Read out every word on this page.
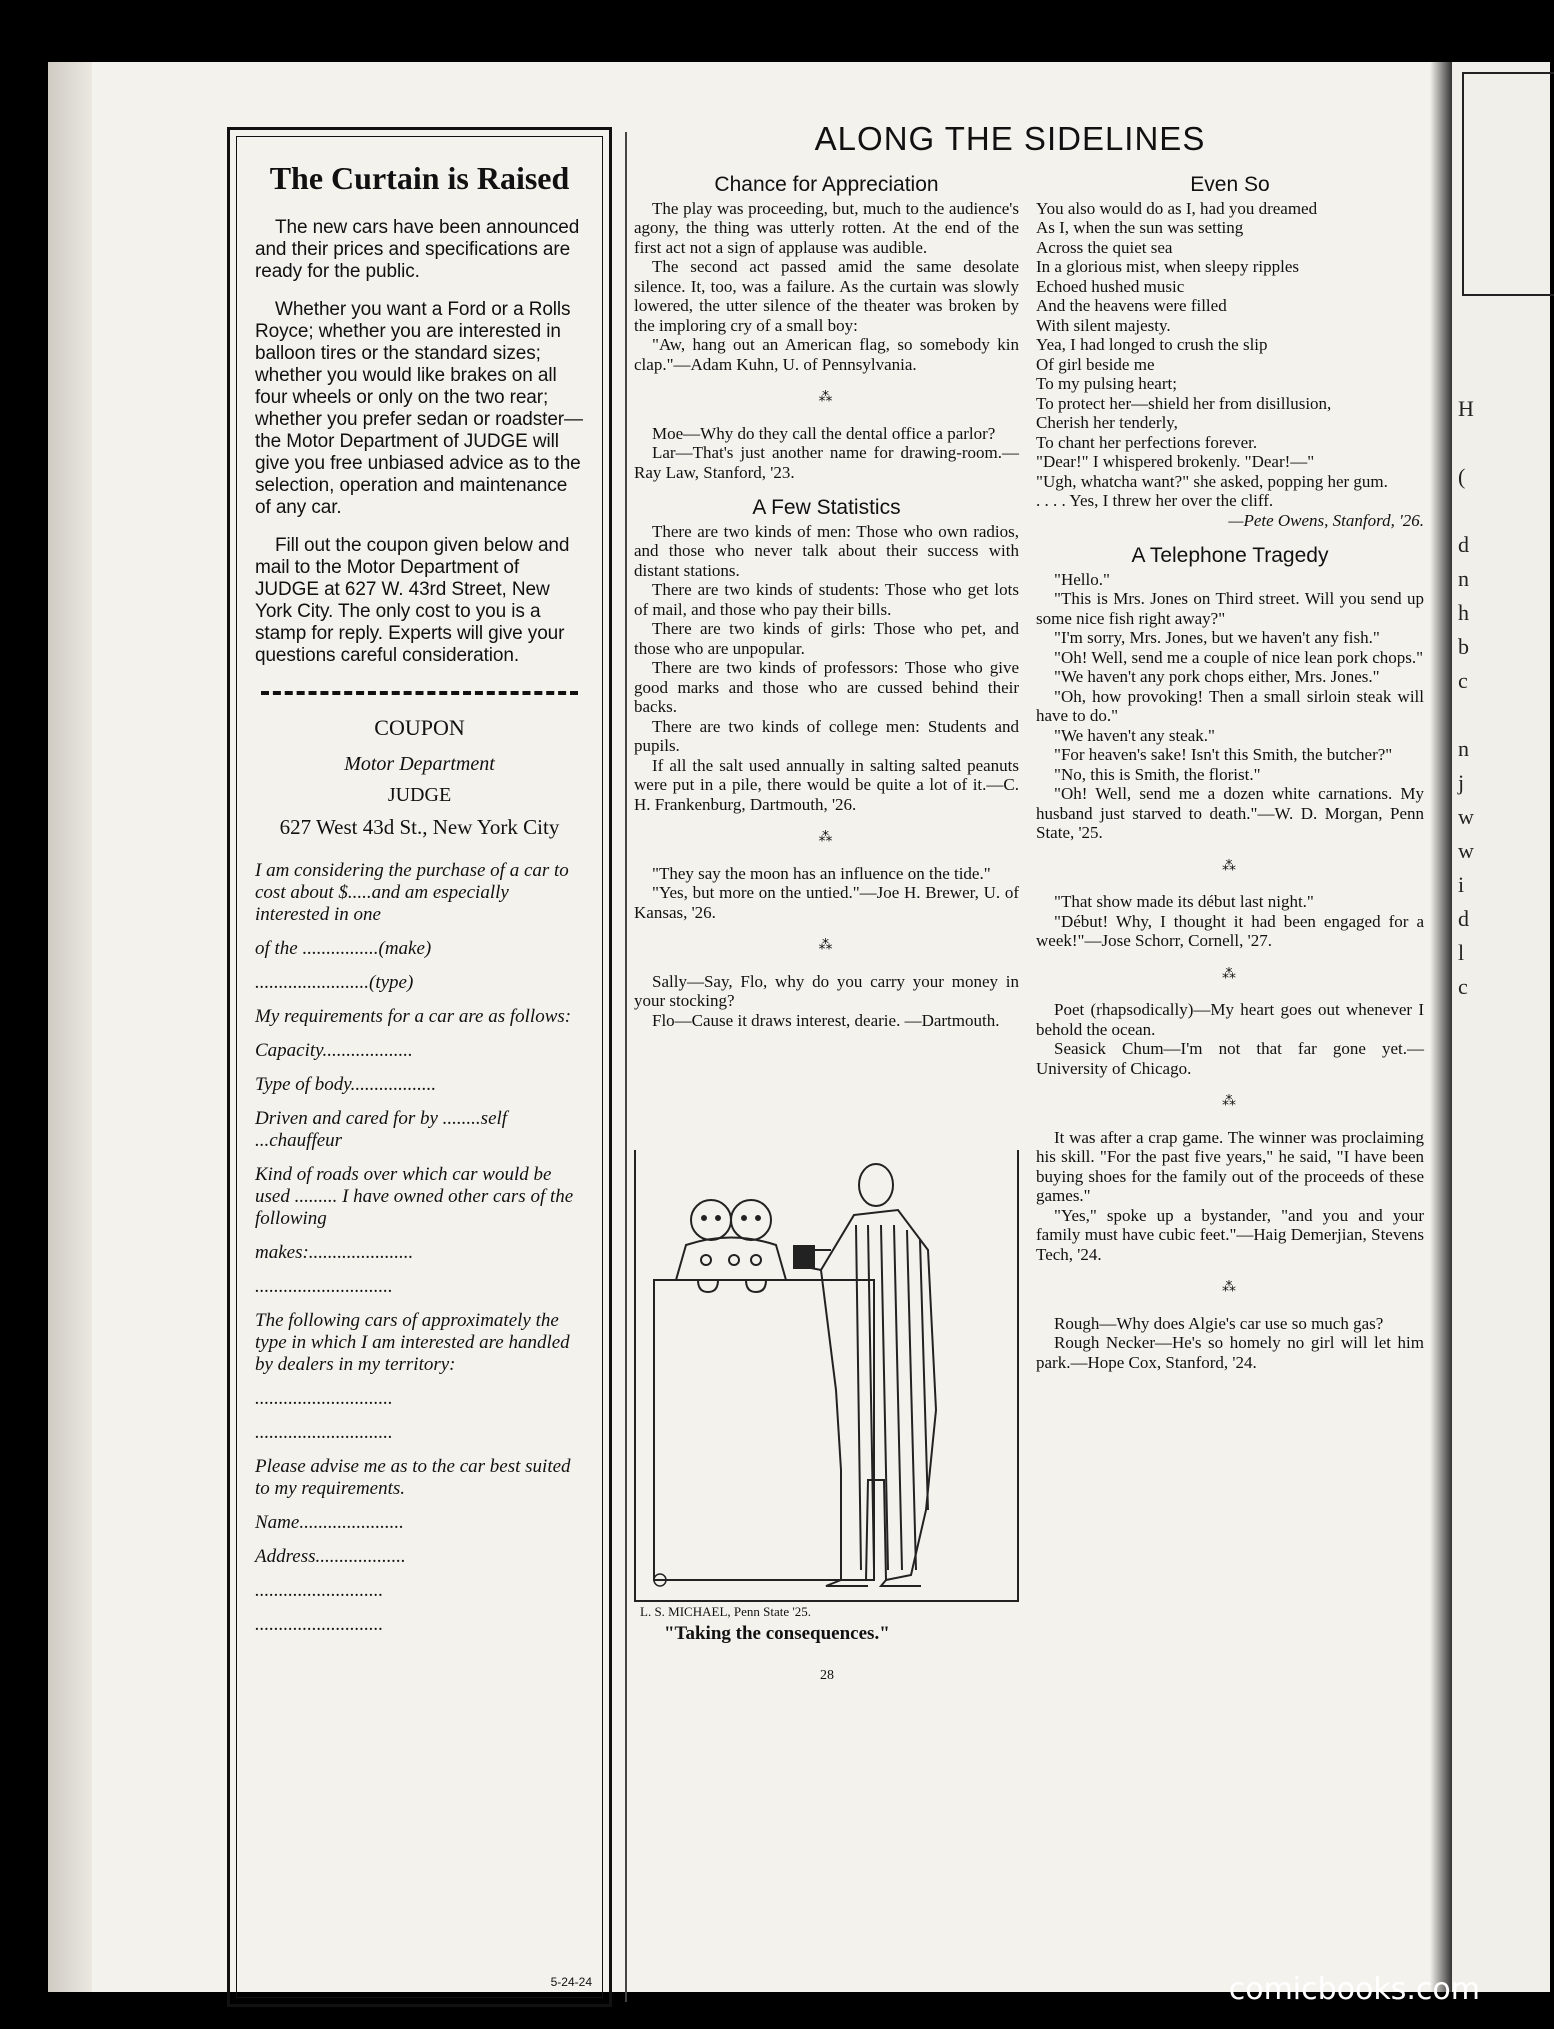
H

(

d
n
h
b
c

n
j
w
w
i
d
l
c
The Curtain is Raised

The new cars have been announced and their prices and specifications are ready for the public.

Whether you want a Ford or a Rolls Royce; whether you are interested in balloon tires or the standard sizes; whether you would like brakes on all four wheels or only on the two rear; whether you prefer sedan or roadster—the Motor Department of JUDGE will give you free unbiased advice as to the selection, operation and maintenance of any car.

Fill out the coupon given below and mail to the Motor Department of JUDGE at 627 W. 43rd Street, New York City. The only cost to you is a stamp for reply. Experts will give your questions careful consideration.

COUPON
Motor Department
JUDGE
627 West 43d St., New York City
I am considering the purchase of a car to cost about $.....and am especially interested in one
of the ................(make)
........................(type)
My requirements for a car are as follows:
Capacity...................
Type of body..................
Driven and cared for by ........self ...chauffeur
Kind of roads over which car would be used ......... I have owned other cars of the following
makes:......................
.............................
The following cars of approximately the type in which I am interested are handled by dealers in my territory:
.............................
.............................
Please advise me as to the car best suited to my requirements.
Name......................
Address...................
...........................
...........................
5-24-24
ALONG THE SIDELINES
Chance for Appreciation

The play was proceeding, but, much to the audience's agony, the thing was utterly rotten. At the end of the first act not a sign of applause was audible.

The second act passed amid the same desolate silence. It, too, was a failure. As the curtain was slowly lowered, the utter silence of the theater was broken by the imploring cry of a small boy:

"Aw, hang out an American flag, so somebody kin clap."—Adam Kuhn, U. of Pennsylvania.

⁂

Moe—Why do they call the dental office a parlor?

Lar—That's just another name for drawing-room.—Ray Law, Stanford, '23.

A Few Statistics

There are two kinds of men: Those who own radios, and those who never talk about their success with distant stations.

There are two kinds of students: Those who get lots of mail, and those who pay their bills.

There are two kinds of girls: Those who pet, and those who are unpopular.

There are two kinds of professors: Those who give good marks and those who are cussed behind their backs.

There are two kinds of college men: Students and pupils.

If all the salt used annually in salting salted peanuts were put in a pile, there would be quite a lot of it.—C. H. Frankenburg, Dartmouth, '26.

⁂

"They say the moon has an influence on the tide."

"Yes, but more on the untied."—Joe H. Brewer, U. of Kansas, '26.

⁂

Sally—Say, Flo, why do you carry your money in your stocking?

Flo—Cause it draws interest, dearie. —Dartmouth.

L. S. MICHAEL, Penn State '25.
"Taking the consequences."
Even So

You also would do as I, had you dreamed

As I, when the sun was setting

Across the quiet sea

In a glorious mist, when sleepy ripples

Echoed hushed music

And the heavens were filled

With silent majesty.

Yea, I had longed to crush the slip

Of girl beside me

To my pulsing heart;

To protect her—shield her from disillusion,

Cherish her tenderly,

To chant her perfections forever.

"Dear!" I whispered brokenly. "Dear!—"

"Ugh, whatcha want?" she asked, popping her gum.

. . . . Yes, I threw her over the cliff.

—Pete Owens, Stanford, '26.

A Telephone Tragedy

"Hello."

"This is Mrs. Jones on Third street. Will you send up some nice fish right away?"

"I'm sorry, Mrs. Jones, but we haven't any fish."

"Oh! Well, send me a couple of nice lean pork chops."

"We haven't any pork chops either, Mrs. Jones."

"Oh, how provoking! Then a small sirloin steak will have to do."

"We haven't any steak."

"For heaven's sake! Isn't this Smith, the butcher?"

"No, this is Smith, the florist."

"Oh! Well, send me a dozen white carnations. My husband just starved to death."—W. D. Morgan, Penn State, '25.

⁂

"That show made its début last night."

"Début! Why, I thought it had been engaged for a week!"—Jose Schorr, Cornell, '27.

⁂

Poet (rhapsodically)—My heart goes out whenever I behold the ocean.

Seasick Chum—I'm not that far gone yet.—University of Chicago.

⁂

It was after a crap game. The winner was proclaiming his skill. "For the past five years," he said, "I have been buying shoes for the family out of the proceeds of these games."

"Yes," spoke up a bystander, "and you and your family must have cubic feet."—Haig Demerjian, Stevens Tech, '24.

⁂

Rough—Why does Algie's car use so much gas?

Rough Necker—He's so homely no girl will let him park.—Hope Cox, Stanford, '24.

28
comicbooks.com
